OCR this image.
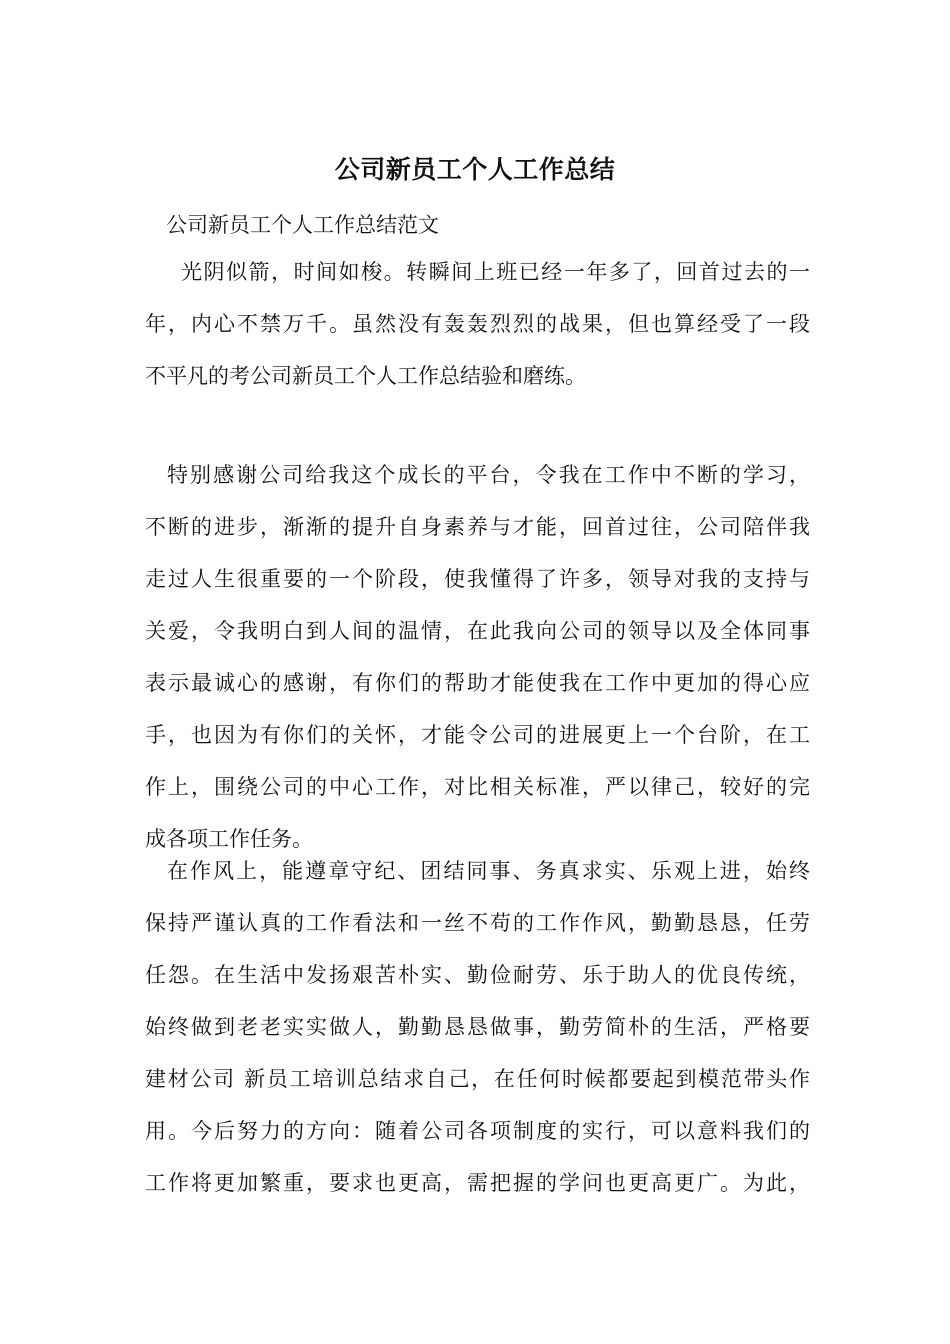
公司新员工个人工作总结
公司新员工个人工作总结范文
光阴似箭，时间如梭。转瞬间上班已经一年多了，回首过去的一
年，内心不禁万千。虽然没有轰轰烈烈的战果，但也算经受了一段
不平凡的考公司新员工个人工作总结验和磨练。
特别感谢公司给我这个成长的平台，令我在工作中不断的学习，
不断的进步，渐渐的提升自身素养与才能，回首过往，公司陪伴我
走过人生很重要的一个阶段，使我懂得了许多，领导对我的支持与
关爱，令我明白到人间的温情，在此我向公司的领导以及全体同事
表示最诚心的感谢，有你们的帮助才能使我在工作中更加的得心应
手，也因为有你们的关怀，才能令公司的进展更上一个台阶，在工
作上，围绕公司的中心工作，对比相关标准，严以律己，较好的完
成各项工作任务。
在作风上，能遵章守纪、团结同事、务真求实、乐观上进，始终
保持严谨认真的工作看法和一丝不苟的工作作风，勤勤恳恳，任劳
任怨。在生活中发扬艰苦朴实、勤俭耐劳、乐于助人的优良传统，
始终做到老老实实做人，勤勤恳恳做事，勤劳简朴的生活，严格要
建材公司 新员工培训总结求自己，在任何时候都要起到模范带头作
用。今后努力的方向：随着公司各项制度的实行，可以意料我们的
工作将更加繁重，要求也更高，需把握的学问也更高更广。为此，
